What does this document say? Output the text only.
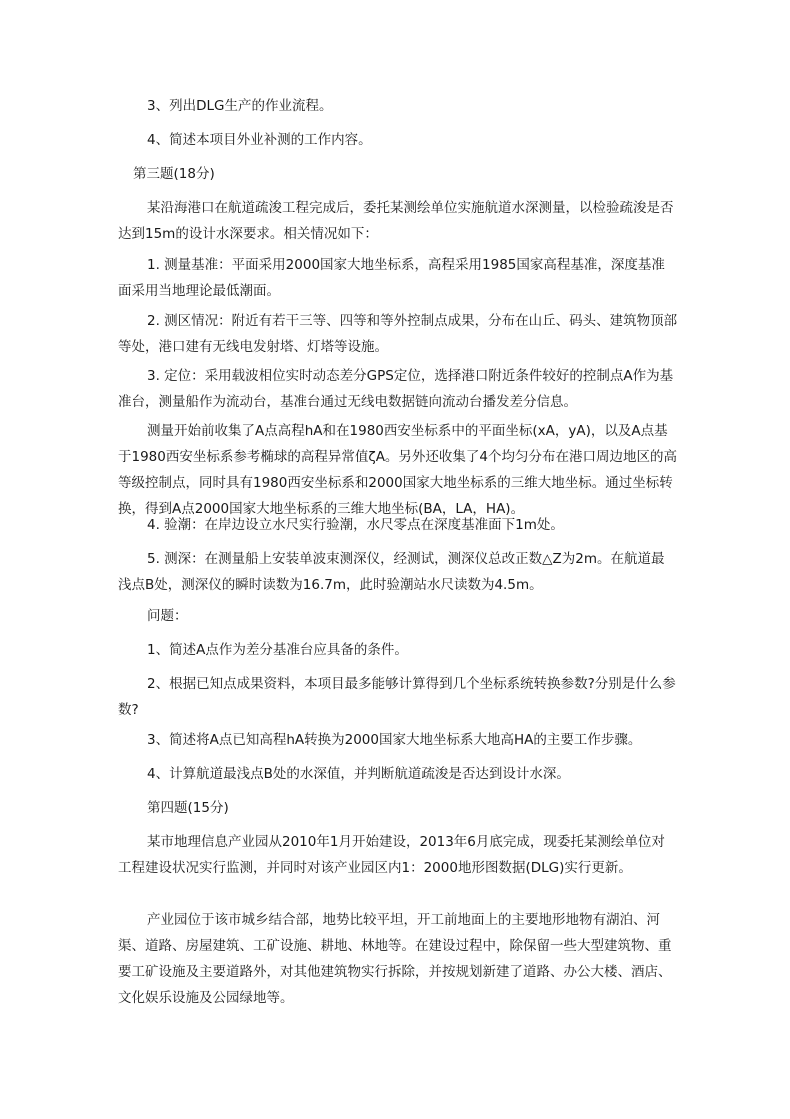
3、列出DLG生产的作业流程。

4、简述本项目外业补测的工作内容。

第三题(18分)

某沿海港口在航道疏浚工程完成后，委托某测绘单位实施航道水深测量，以检验疏浚是否达到15m的设计水深要求。相关情况如下：

1. 测量基准：平面采用2000国家大地坐标系，高程采用1985国家高程基准，深度基准面采用当地理论最低潮面。

2. 测区情况：附近有若干三等、四等和等外控制点成果，分布在山丘、码头、建筑物顶部等处，港口建有无线电发射塔、灯塔等设施。

3. 定位：采用载波相位实时动态差分GPS定位，选择港口附近条件较好的控制点A作为基准台，测量船作为流动台，基准台通过无线电数据链向流动台播发差分信息。

测量开始前收集了A点高程hA和在1980西安坐标系中的平面坐标(xA，yA)，以及A点基于1980西安坐标系参考椭球的高程异常值ζA。另外还收集了4个均匀分布在港口周边地区的高等级控制点，同时具有1980西安坐标系和2000国家大地坐标系的三维大地坐标。通过坐标转换，得到A点2000国家大地坐标系的三维大地坐标(BA，LA，HA)。

4. 验潮：在岸边设立水尺实行验潮，水尺零点在深度基准面下1m处。

5. 测深：在测量船上安装单波束测深仪，经测试，测深仪总改正数△Z为2m。在航道最浅点B处，测深仪的瞬时读数为16.7m，此时验潮站水尺读数为4.5m。

问题：

1、简述A点作为差分基准台应具备的条件。

2、根据已知点成果资料，本项目最多能够计算得到几个坐标系统转换参数?分别是什么参数?

3、简述将A点已知高程hA转换为2000国家大地坐标系大地高HA的主要工作步骤。

4、计算航道最浅点B处的水深值，并判断航道疏浚是否达到设计水深。

第四题(15分)

某市地理信息产业园从2010年1月开始建设，2013年6月底完成，现委托某测绘单位对工程建设状况实行监测，并同时对该产业园区内1：2000地形图数据(DLG)实行更新。

产业园位于该市城乡结合部，地势比较平坦，开工前地面上的主要地形地物有湖泊、河渠、道路、房屋建筑、工矿设施、耕地、林地等。在建设过程中，除保留一些大型建筑物、重要工矿设施及主要道路外，对其他建筑物实行拆除，并按规划新建了道路、办公大楼、酒店、文化娱乐设施及公园绿地等。
